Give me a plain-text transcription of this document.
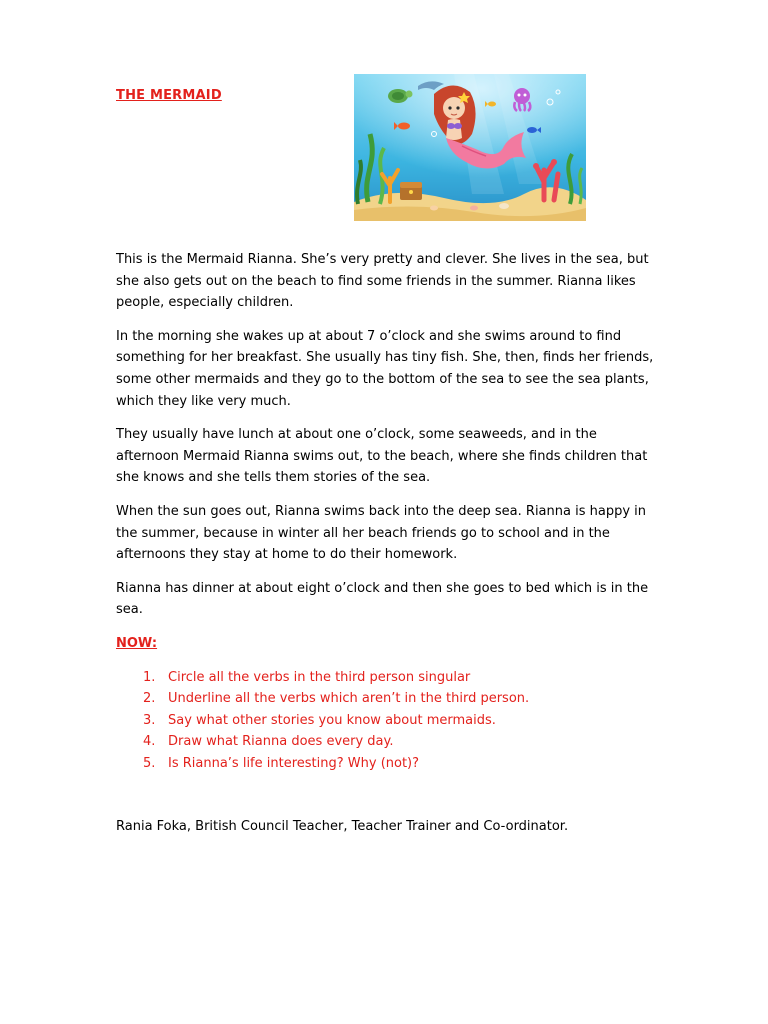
THE MERMAID

This is the Mermaid Rianna. She’s very pretty and clever. She lives in the sea, but she also gets out on the beach to find some friends in the summer. Rianna likes people, especially children.

In the morning she wakes up at about 7 o’clock and she swims around to find something for her breakfast. She usually has tiny fish. She, then, finds her friends, some other mermaids and they go to the bottom of the sea to see the sea plants, which they like very much.

They usually have lunch at about one o’clock, some seaweeds, and in the afternoon Mermaid Rianna swims out, to the beach, where she finds children that she knows and she tells them stories of the sea.

When the sun goes out, Rianna swims back into the deep sea. Rianna is happy in the summer, because in winter all her beach friends go to school and in the afternoons they stay at home to do their homework.

Rianna has dinner at about eight o’clock and then she goes to bed which is in the sea.

NOW:
1. Circle all the verbs in the third person singular
2. Underline all the verbs which aren’t in the third person.
3. Say what other stories you know about mermaids.
4. Draw what Rianna does every day.
5. Is Rianna’s life interesting? Why (not)?
Rania Foka, British Council Teacher, Teacher Trainer and Co-ordinator.
